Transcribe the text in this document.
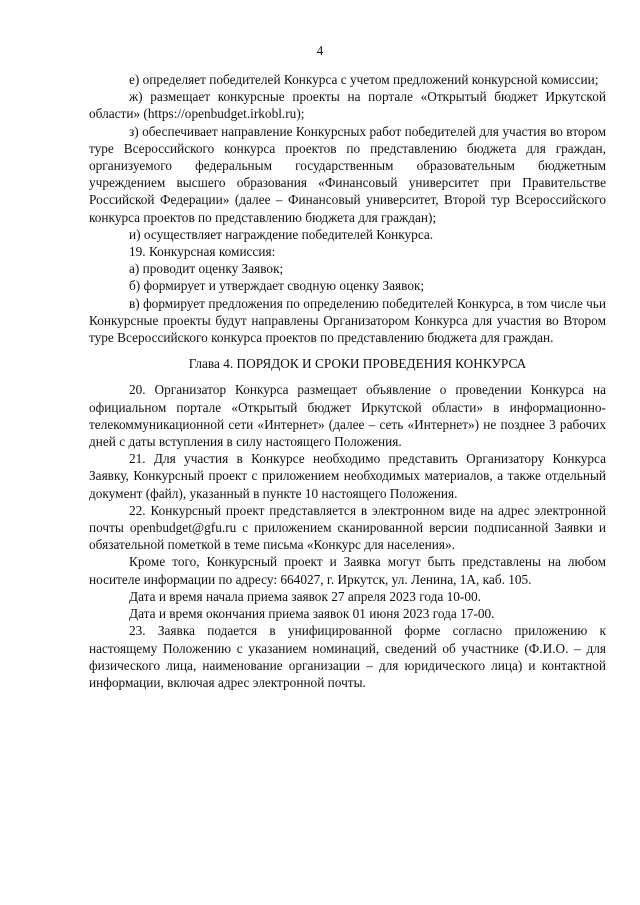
4

е) определяет победителей Конкурса с учетом предложений конкурсной комиссии;

ж) размещает конкурсные проекты на портале «Открытый бюджет Иркутской области» (https://openbudget.irkobl.ru);

з) обеспечивает направление Конкурсных работ победителей для участия во втором туре Всероссийского конкурса проектов по представлению бюджета для граждан, организуемого федеральным государственным образовательным бюджетным учреждением высшего образования «Финансовый университет при Правительстве Российской Федерации» (далее – Финансовый университет, Второй тур Всероссийского конкурса проектов по представлению бюджета для граждан);

и) осуществляет награждение победителей Конкурса.

19. Конкурсная комиссия:

а) проводит оценку Заявок;

б) формирует и утверждает сводную оценку Заявок;

в) формирует предложения по определению победителей Конкурса, в том числе чьи Конкурсные проекты будут направлены Организатором Конкурса для участия во Втором туре Всероссийского конкурса проектов по представлению бюджета для граждан.

Глава 4. ПОРЯДОК И СРОКИ ПРОВЕДЕНИЯ КОНКУРСА

20. Организатор Конкурса размещает объявление о проведении Конкурса на официальном портале «Открытый бюджет Иркутской области» в информационно-телекоммуникационной сети «Интернет» (далее – сеть «Интернет») не позднее 3 рабочих дней с даты вступления в силу настоящего Положения.

21. Для участия в Конкурсе необходимо представить Организатору Конкурса Заявку, Конкурсный проект с приложением необходимых материалов, а также отдельный документ (файл), указанный в пункте 10 настоящего Положения.

22. Конкурсный проект представляется в электронном виде на адрес электронной почты openbudget@gfu.ru с приложением сканированной версии подписанной Заявки и обязательной пометкой в теме письма «Конкурс для населения».

Кроме того, Конкурсный проект и Заявка могут быть представлены на любом носителе информации по адресу: 664027, г. Иркутск, ул. Ленина, 1А, каб. 105.

Дата и время начала приема заявок 27 апреля 2023 года 10-00.

Дата и время окончания приема заявок 01 июня 2023 года 17-00.

23. Заявка подается в унифицированной форме согласно приложению к настоящему Положению с указанием номинаций, сведений об участнике (Ф.И.О. – для физического лица, наименование организации – для юридического лица) и контактной информации, включая адрес электронной почты.
